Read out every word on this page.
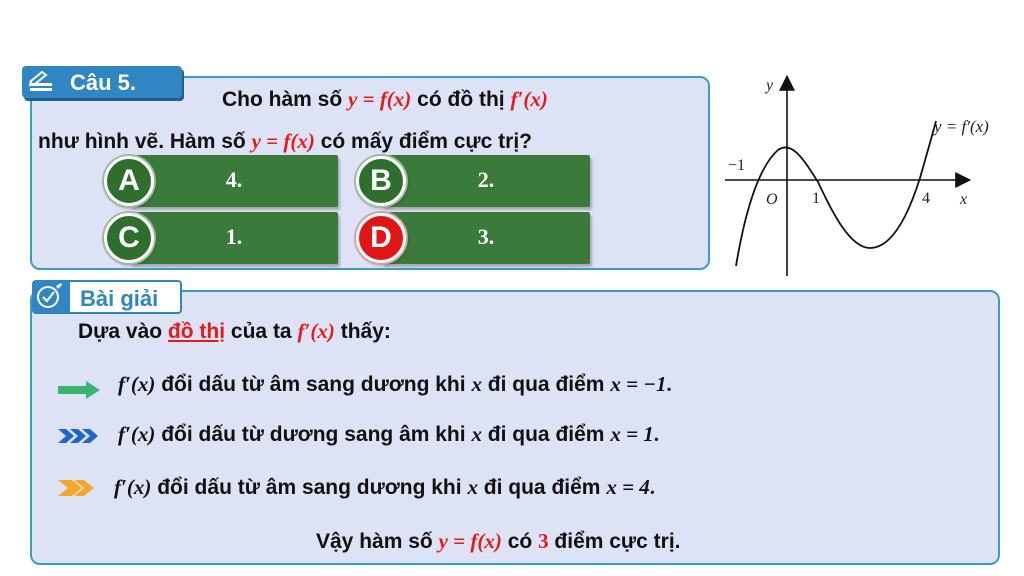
Câu 5.
Cho hàm số y = f(x) có đồ thị f′(x)
như hình vẽ. Hàm số y = f(x) có mấy điểm cực trị?
4.
A	2.
B
1.
C	3.
D
y
x
O
−1
1	4
y = f′(x)
Bài giải
Dựa vào đồ thị của ta f′(x) thấy:
f′(x) đổi dấu từ âm sang dương khi x đi qua điểm x = −1.
f′(x) đổi dấu từ dương sang âm khi x đi qua điểm x = 1.
f′(x) đổi dấu từ âm sang dương khi x đi qua điểm x = 4.
Vậy hàm số y = f(x) có 3 điểm cực trị.
